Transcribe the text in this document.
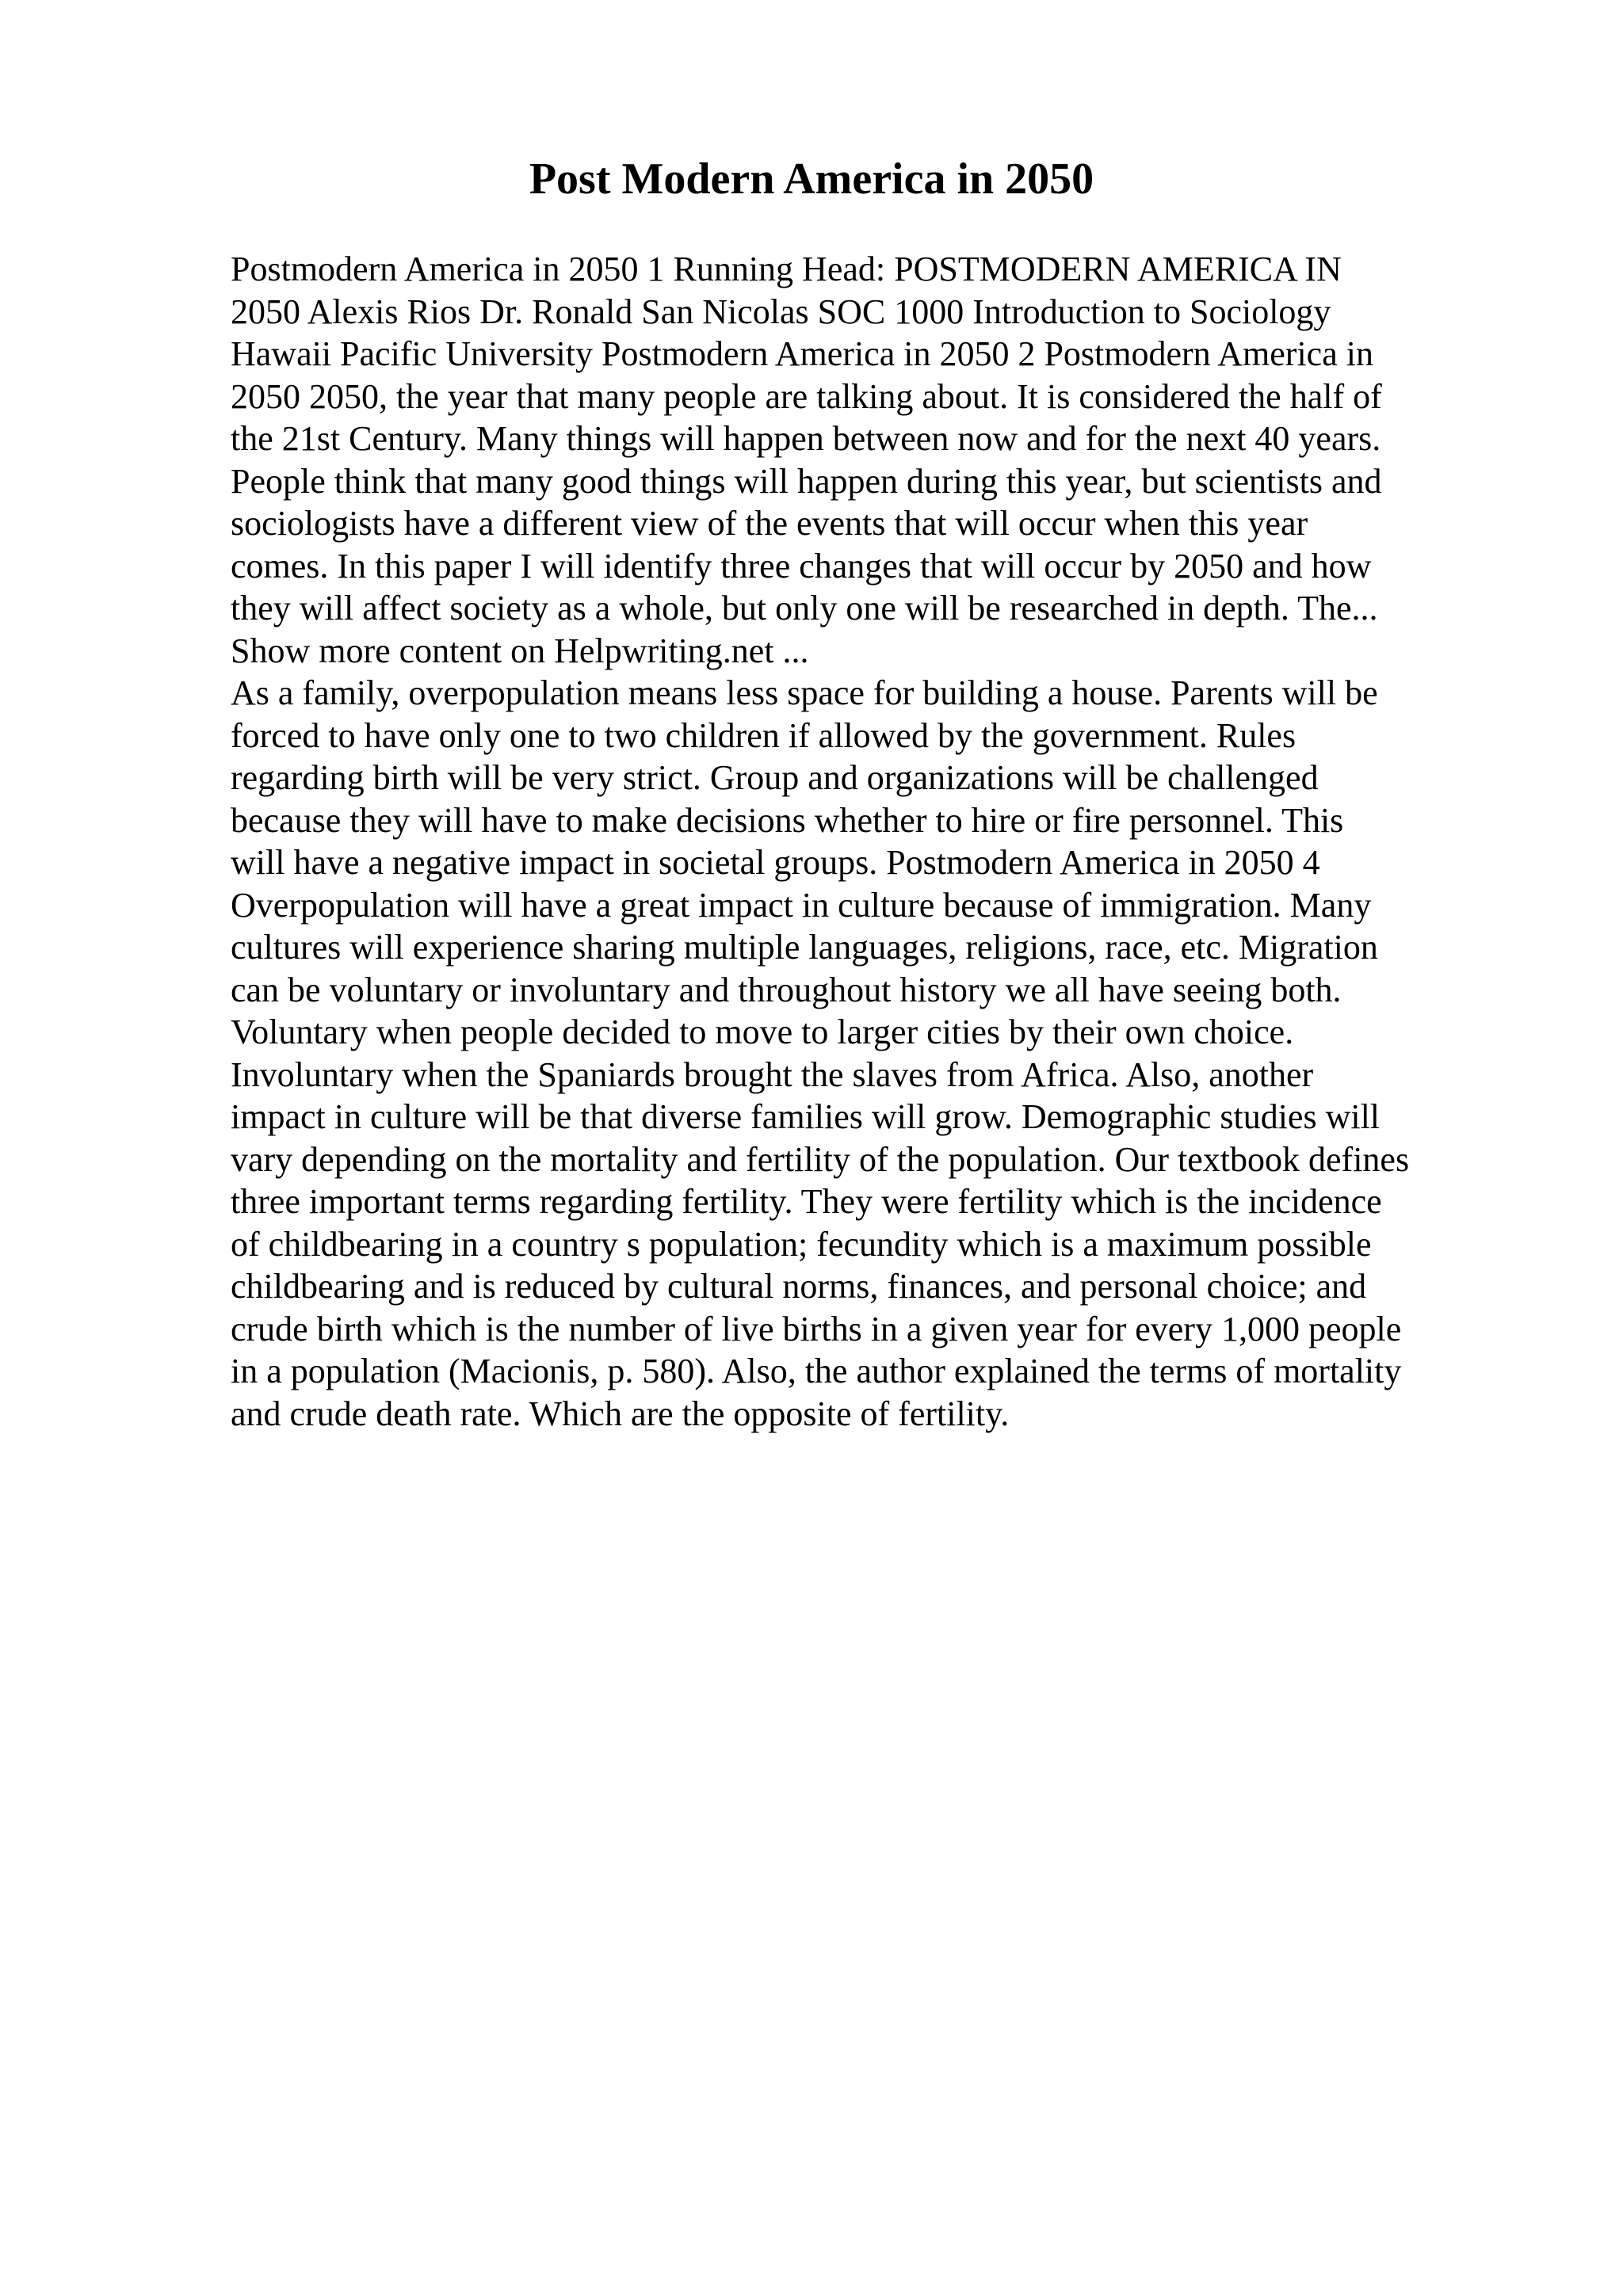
Post Modern America in 2050
Postmodern America in 2050 1 Running Head: POSTMODERN AMERICA IN
2050 Alexis Rios Dr. Ronald San Nicolas SOC 1000 Introduction to Sociology
Hawaii Pacific University Postmodern America in 2050 2 Postmodern America in
2050 2050, the year that many people are talking about. It is considered the half of
the 21st Century. Many things will happen between now and for the next 40 years.
People think that many good things will happen during this year, but scientists and
sociologists have a different view of the events that will occur when this year
comes. In this paper I will identify three changes that will occur by 2050 and how
they will affect society as a whole, but only one will be researched in depth. The...
Show more content on Helpwriting.net ...
As a family, overpopulation means less space for building a house. Parents will be
forced to have only one to two children if allowed by the government. Rules
regarding birth will be very strict. Group and organizations will be challenged
because they will have to make decisions whether to hire or fire personnel. This
will have a negative impact in societal groups. Postmodern America in 2050 4
Overpopulation will have a great impact in culture because of immigration. Many
cultures will experience sharing multiple languages, religions, race, etc. Migration
can be voluntary or involuntary and throughout history we all have seeing both.
Voluntary when people decided to move to larger cities by their own choice.
Involuntary when the Spaniards brought the slaves from Africa. Also, another
impact in culture will be that diverse families will grow. Demographic studies will
vary depending on the mortality and fertility of the population. Our textbook defines
three important terms regarding fertility. They were fertility which is the incidence
of childbearing in a country s population; fecundity which is a maximum possible
childbearing and is reduced by cultural norms, finances, and personal choice; and
crude birth which is the number of live births in a given year for every 1,000 people
in a population (Macionis, p. 580). Also, the author explained the terms of mortality
and crude death rate. Which are the opposite of fertility.
